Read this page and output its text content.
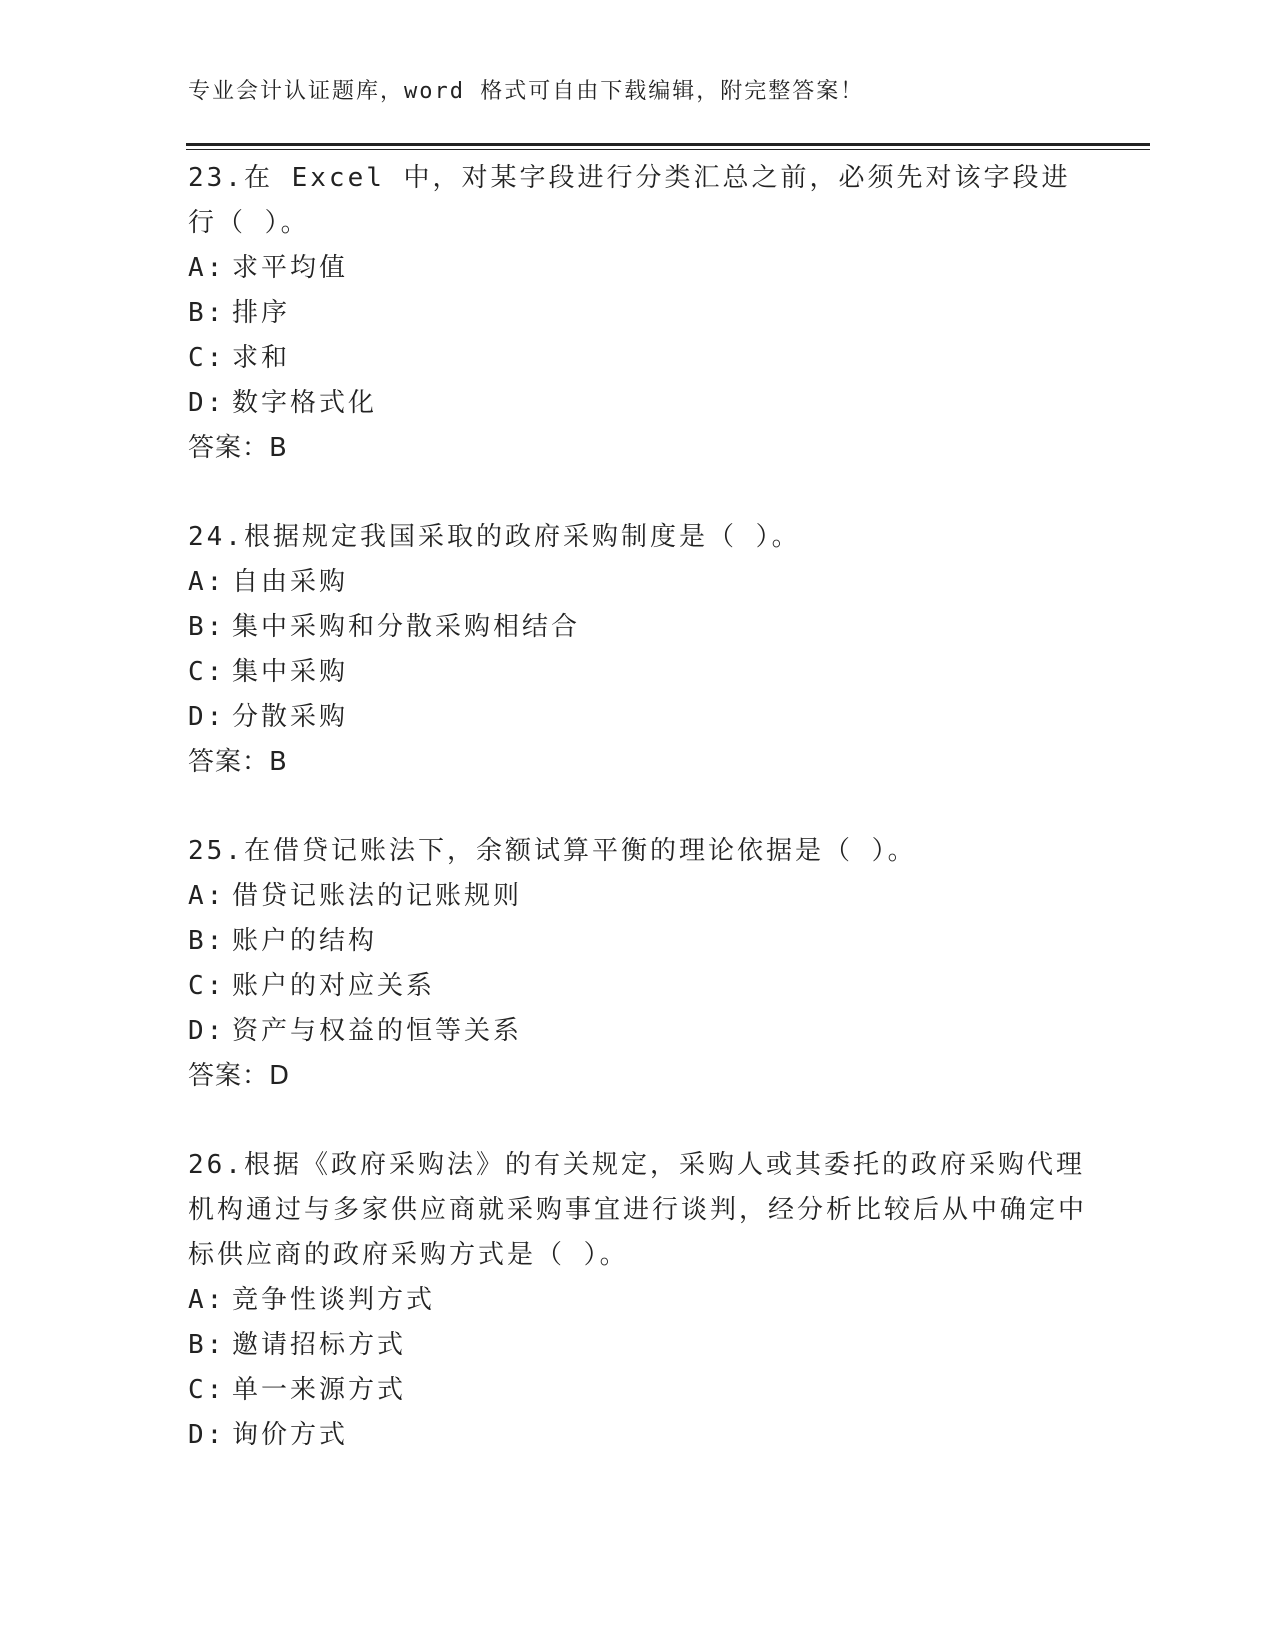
专业会计认证题库，word 格式可自由下载编辑，附完整答案！
23.在 Excel 中，对某字段进行分类汇总之前，必须先对该字段进行（ ）。
A: 求平均值
B: 排序
C: 求和
D: 数字格式化
答案：B
24.根据规定我国采取的政府采购制度是（ ）。
A: 自由采购
B: 集中采购和分散采购相结合
C: 集中采购
D: 分散采购
答案：B
25.在借贷记账法下，余额试算平衡的理论依据是（ ）。
A: 借贷记账法的记账规则
B: 账户的结构
C: 账户的对应关系
D: 资产与权益的恒等关系
答案：D
26.根据《政府采购法》的有关规定，采购人或其委托的政府采购代理机构通过与多家供应商就采购事宜进行谈判，经分析比较后从中确定中标供应商的政府采购方式是（ ）。
A: 竞争性谈判方式
B: 邀请招标方式
C: 单一来源方式
D: 询价方式
